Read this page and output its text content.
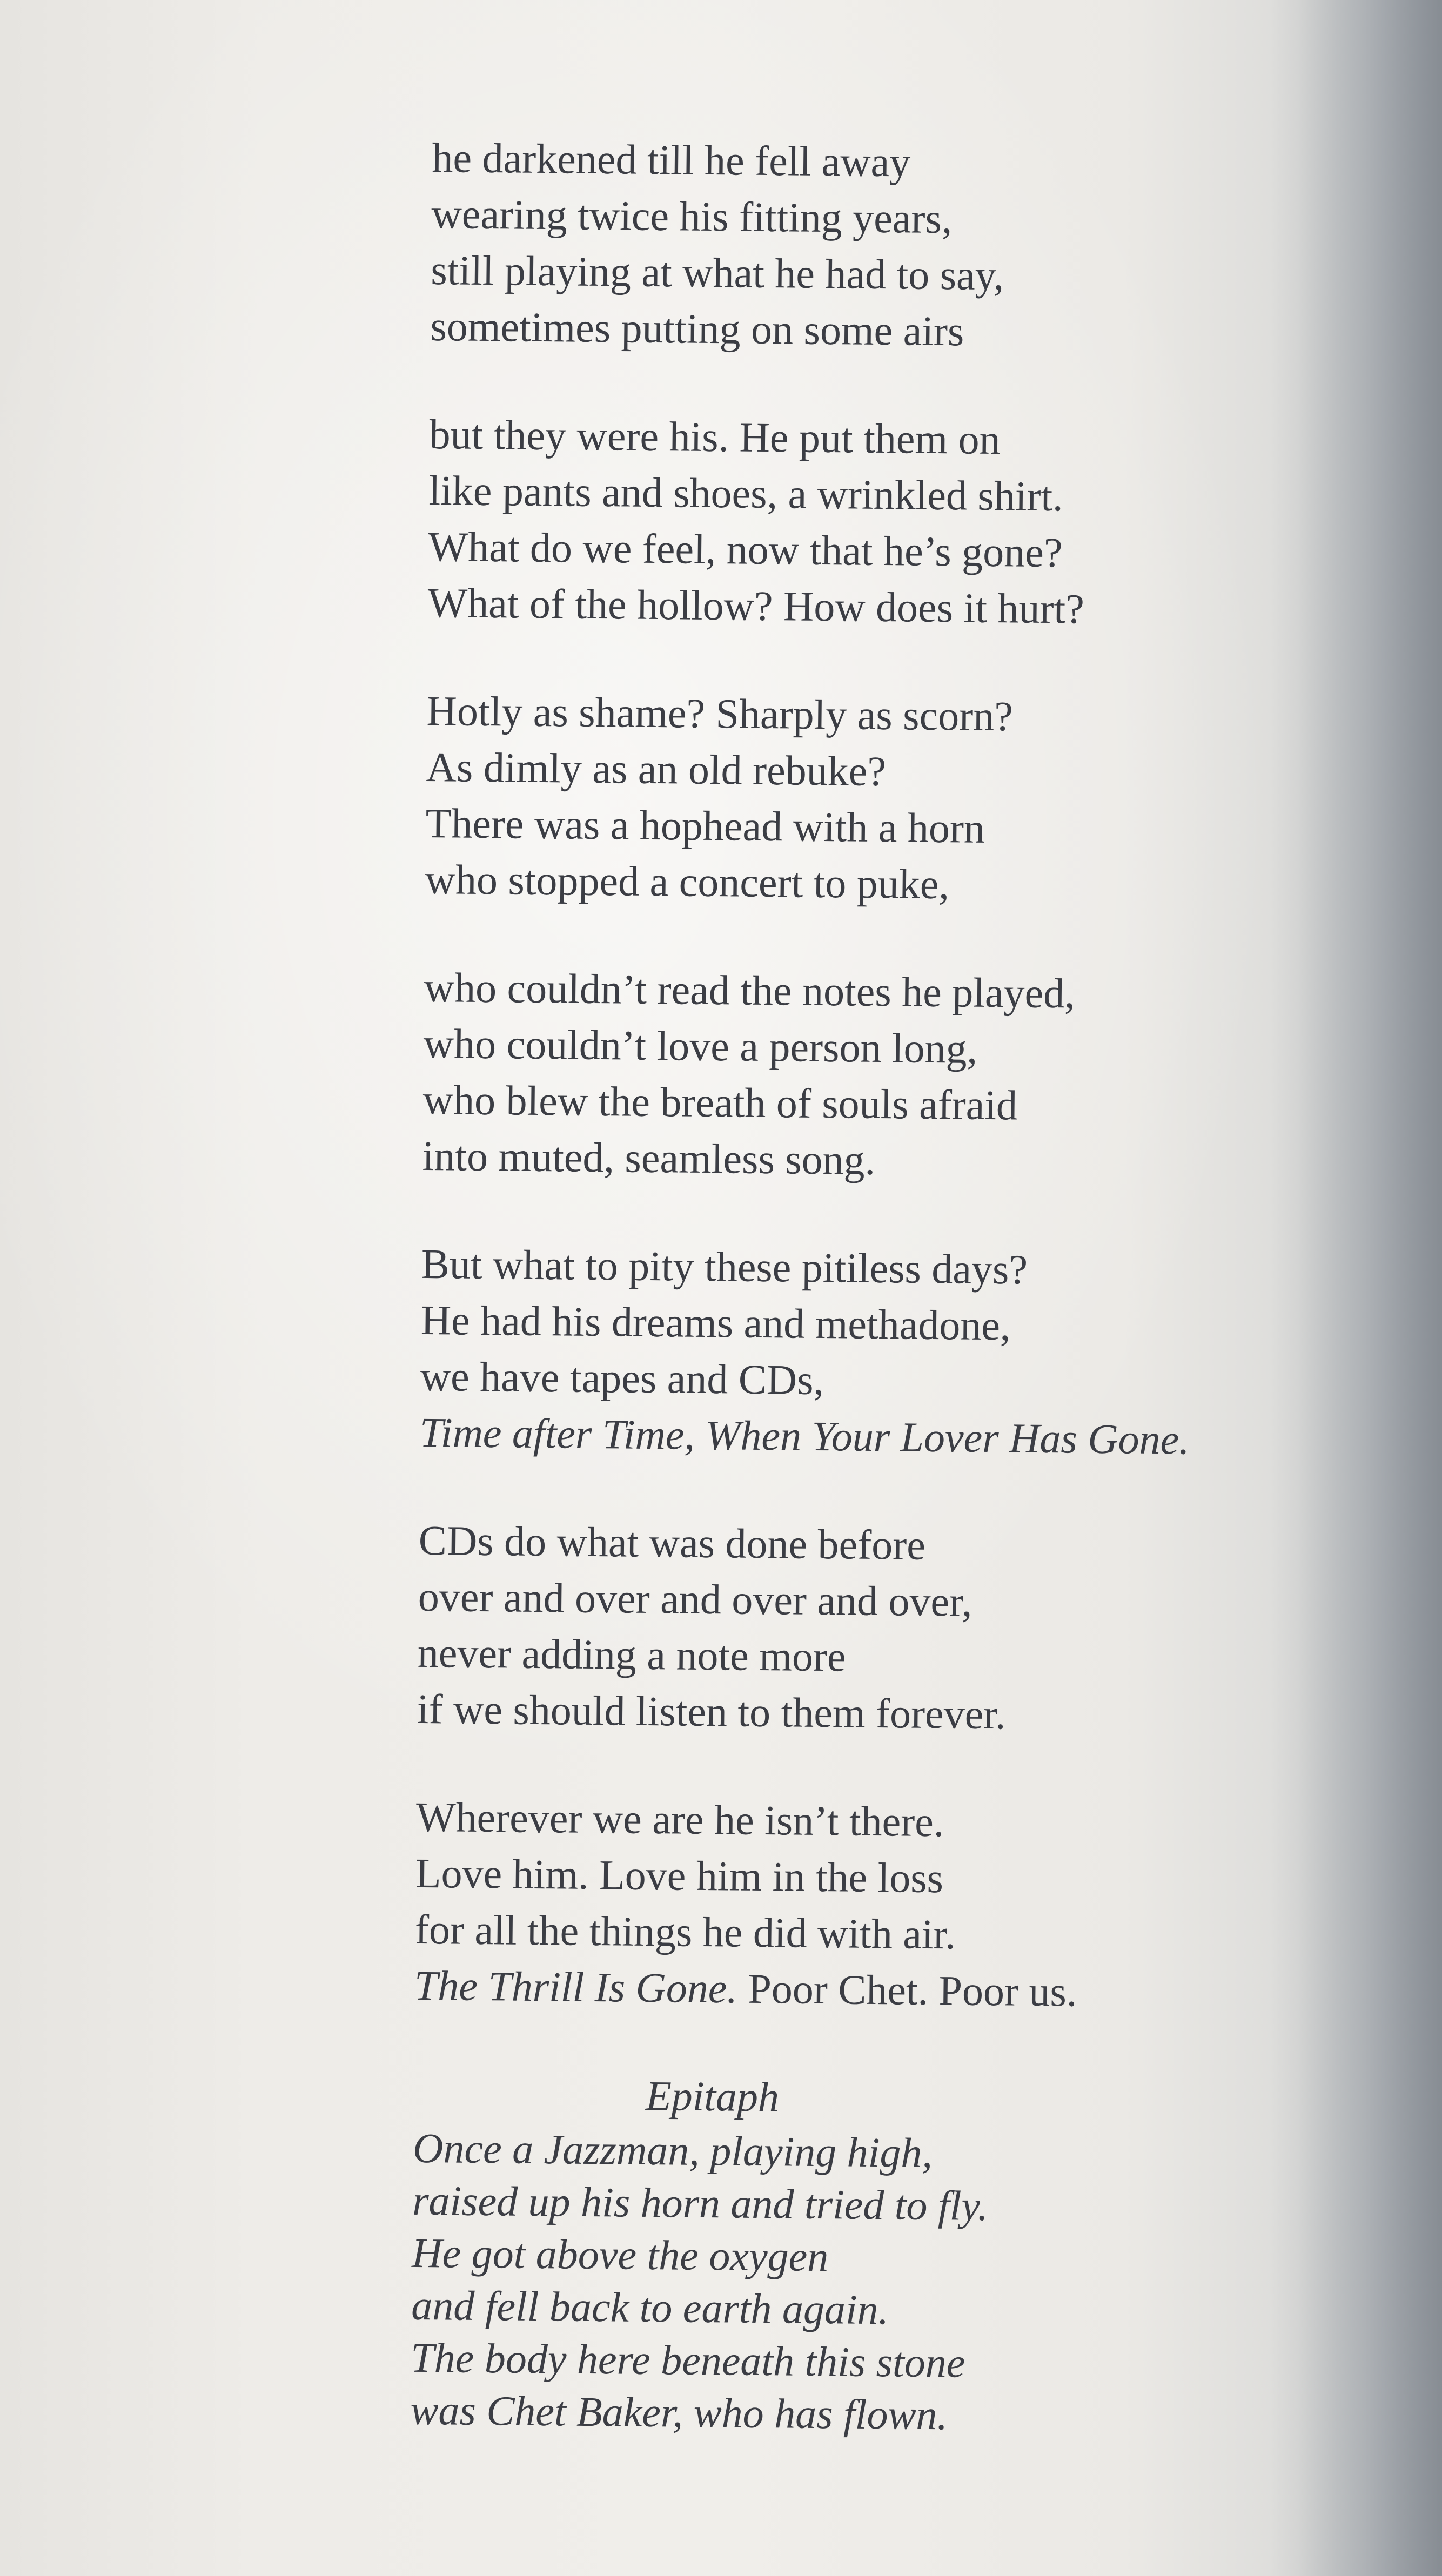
he darkened till he fell away
wearing twice his fitting years,
still playing at what he had to say,
sometimes putting on some airs
but they were his. He put them on
like pants and shoes, a wrinkled shirt.
What do we feel, now that he’s gone?
What of the hollow? How does it hurt?
Hotly as shame? Sharply as scorn?
As dimly as an old rebuke?
There was a hophead with a horn
who stopped a concert to puke,
who couldn’t read the notes he played,
who couldn’t love a person long,
who blew the breath of souls afraid
into muted, seamless song.
But what to pity these pitiless days?
He had his dreams and methadone,
we have tapes and CDs,
Time after Time, When Your Lover Has Gone.
CDs do what was done before
over and over and over and over,
never adding a note more
if we should listen to them forever.
Wherever we are he isn’t there.
Love him. Love him in the loss
for all the things he did with air.
The Thrill Is Gone. Poor Chet. Poor us.
Epitaph
Once a Jazzman, playing high,
raised up his horn and tried to fly.
He got above the oxygen
and fell back to earth again.
The body here beneath this stone
was Chet Baker, who has flown.
